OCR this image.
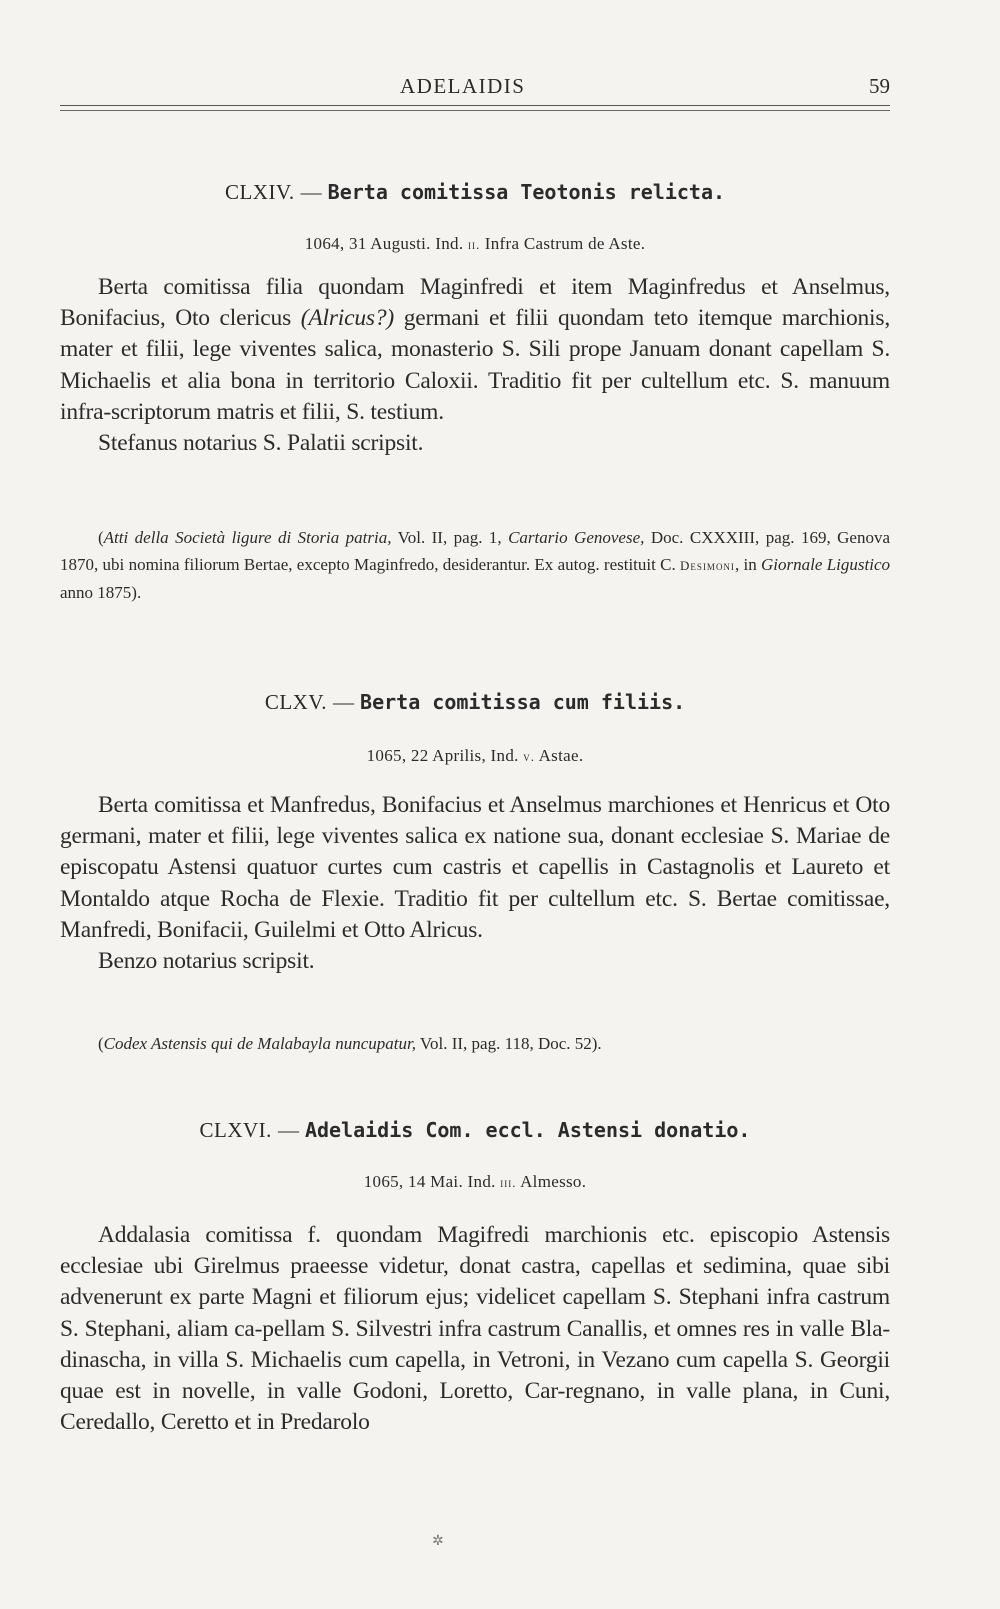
ADELAIDIS	59
CLXIV. — Berta comitissa Teotonis relicta.
1064, 31 Augusti. Ind. ii. Infra Castrum de Aste.

Berta comitissa filia quondam Maginfredi et item Maginfredus et Anselmus, Bonifacius, Oto clericus (Alricus?) germani et filii quondam teto itemque marchionis, mater et filii, lege viventes salica, monasterio S. Sili prope Januam donant capellam S. Michaelis et alia bona in territorio Caloxii. Traditio fit per cultellum etc. S. manuum infra-scriptorum matris et filii, S. testium.

Stefanus notarius S. Palatii scripsit.

(Atti della Società ligure di Storia patria, Vol. II, pag. 1, Cartario Genovese, Doc. CXXXIII, pag. 169, Genova 1870, ubi nomina filiorum Bertae, excepto Maginfredo, desiderantur. Ex autog. restituit C. Desimoni, in Giornale Ligustico anno 1875).
CLXV. — Berta comitissa cum filiis.
1065, 22 Aprilis, Ind. v. Astae.

Berta comitissa et Manfredus, Bonifacius et Anselmus marchiones et Henricus et Oto germani, mater et filii, lege viventes salica ex natione sua, donant ecclesiae S. Mariae de episcopatu Astensi quatuor curtes cum castris et capellis in Castagnolis et Laureto et Montaldo atque Rocha de Flexie. Traditio fit per cultellum etc. S. Bertae comitissae, Manfredi, Bonifacii, Guilelmi et Otto Alricus.

Benzo notarius scripsit.

(Codex Astensis qui de Malabayla nuncupatur, Vol. II, pag. 118, Doc. 52).
CLXVI. — Adelaidis Com. eccl. Astensi donatio.
1065, 14 Mai. Ind. iii. Almesso.

Addalasia comitissa f. quondam Magifredi marchionis etc. episcopio Astensis ecclesiae ubi Girelmus praeesse videtur, donat castra, capellas et sedimina, quae sibi advenerunt ex parte Magni et filiorum ejus; videlicet capellam S. Stephani infra castrum S. Stephani, aliam ca-pellam S. Silvestri infra castrum Canallis, et omnes res in valle Bla-dinascha, in villa S. Michaelis cum capella, in Vetroni, in Vezano cum capella S. Georgii quae est in novelle, in valle Godoni, Loretto, Car-regnano, in valle plana, in Cuni, Ceredallo, Ceretto et in Predarolo

✲
